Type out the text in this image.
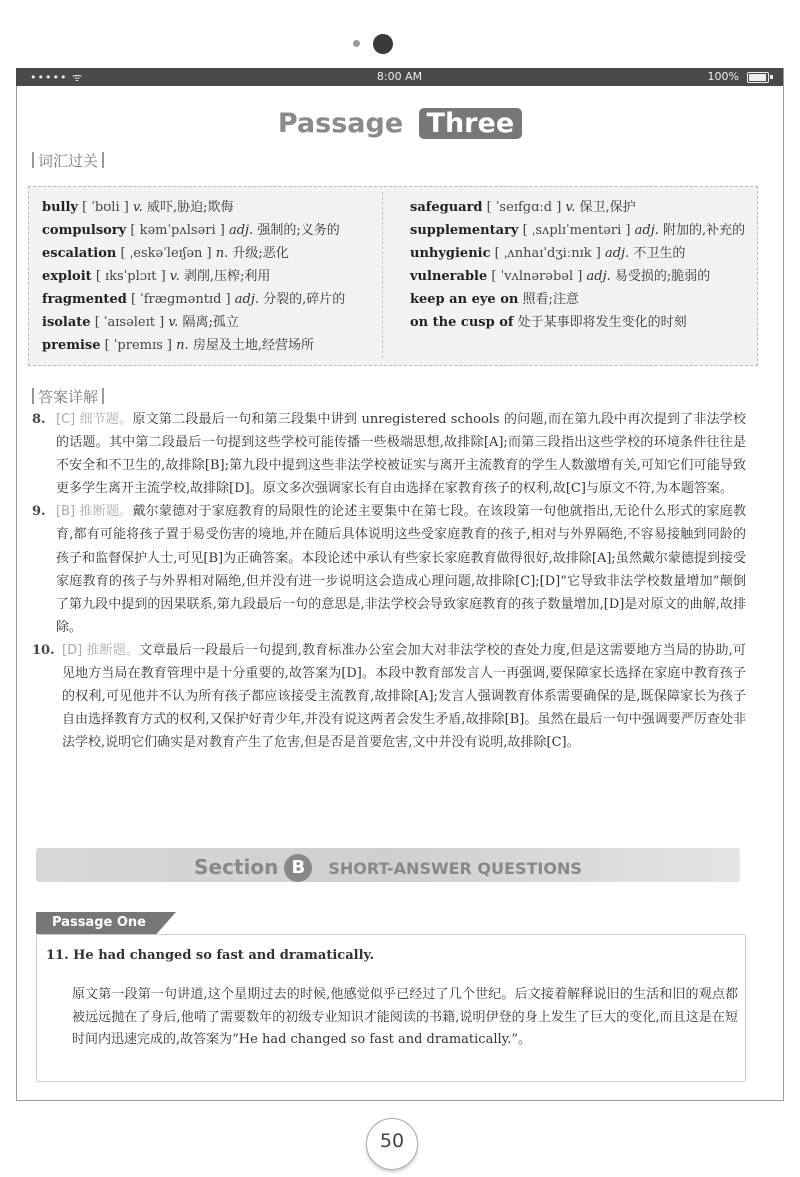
••••• ᯤ	8:00 AM	100%
Passage Three
词汇过关
bully [ ˈbʊli ] v. 威吓,胁迫;欺侮
compulsory [ kəmˈpʌlsəri ] adj. 强制的;义务的
escalation [ ˌeskəˈleɪʃən ] n. 升级;恶化
exploit [ ɪksˈplɔɪt ] v. 剥削,压榨;利用
fragmented [ ˈfræɡməntɪd ] adj. 分裂的,碎片的
isolate [ ˈaɪsəleɪt ] v. 隔离;孤立
premise [ ˈpremɪs ] n. 房屋及土地,经营场所
safeguard [ ˈseɪfɡɑːd ] v. 保卫,保护
supplementary [ ˌsʌplɪˈmentəri ] adj. 附加的,补充的
unhygienic [ ˌʌnhaɪˈdʒiːnɪk ] adj. 不卫生的
vulnerable [ ˈvʌlnərəbəl ] adj. 易受损的;脆弱的
keep an eye on 照看;注意
on the cusp of 处于某事即将发生变化的时刻
答案详解
8. [C] 细节题。原文第二段最后一句和第三段集中讲到 unregistered schools 的问题,而在第九段中再次提到了非法学校的话题。其中第二段最后一句提到这些学校可能传播一些极端思想,故排除[A];而第三段指出这些学校的环境条件往往是不安全和不卫生的,故排除[B];第九段中提到这些非法学校被证实与离开主流教育的学生人数激增有关,可知它们可能导致更多学生离开主流学校,故排除[D]。原文多次强调家长有自由选择在家教育孩子的权利,故[C]与原文不符,为本题答案。
9. [B] 推断题。戴尔蒙德对于家庭教育的局限性的论述主要集中在第七段。在该段第一句他就指出,无论什么形式的家庭教育,都有可能将孩子置于易受伤害的境地,并在随后具体说明这些受家庭教育的孩子,相对与外界隔绝,不容易接触到同龄的孩子和监督保护人士,可见[B]为正确答案。本段论述中承认有些家长家庭教育做得很好,故排除[A];虽然戴尔蒙德提到接受家庭教育的孩子与外界相对隔绝,但并没有进一步说明这会造成心理问题,故排除[C];[D]“它导致非法学校数量增加”颠倒了第九段中提到的因果联系,第九段最后一句的意思是,非法学校会导致家庭教育的孩子数量增加,[D]是对原文的曲解,故排除。
10. [D] 推断题。文章最后一段最后一句提到,教育标准办公室会加大对非法学校的查处力度,但是这需要地方当局的协助,可见地方当局在教育管理中是十分重要的,故答案为[D]。本段中教育部发言人一再强调,要保障家长选择在家庭中教育孩子的权利,可见他并不认为所有孩子都应该接受主流教育,故排除[A];发言人强调教育体系需要确保的是,既保障家长为孩子自由选择教育方式的权利,又保护好青少年,并没有说这两者会发生矛盾,故排除[B]。虽然在最后一句中强调要严厉查处非法学校,说明它们确实是对教育产生了危害,但是否是首要危害,文中并没有说明,故排除[C]。
Section B SHORT-ANSWER QUESTIONS
Passage One
11. He had changed so fast and dramatically.
原文第一段第一句讲道,这个星期过去的时候,他感觉似乎已经过了几个世纪。后文接着解释说旧的生活和旧的观点都被远远抛在了身后,他啃了需要数年的初级专业知识才能阅读的书籍,说明伊登的身上发生了巨大的变化,而且这是在短时间内迅速完成的,故答案为“He had changed so fast and dramatically.”。
50
